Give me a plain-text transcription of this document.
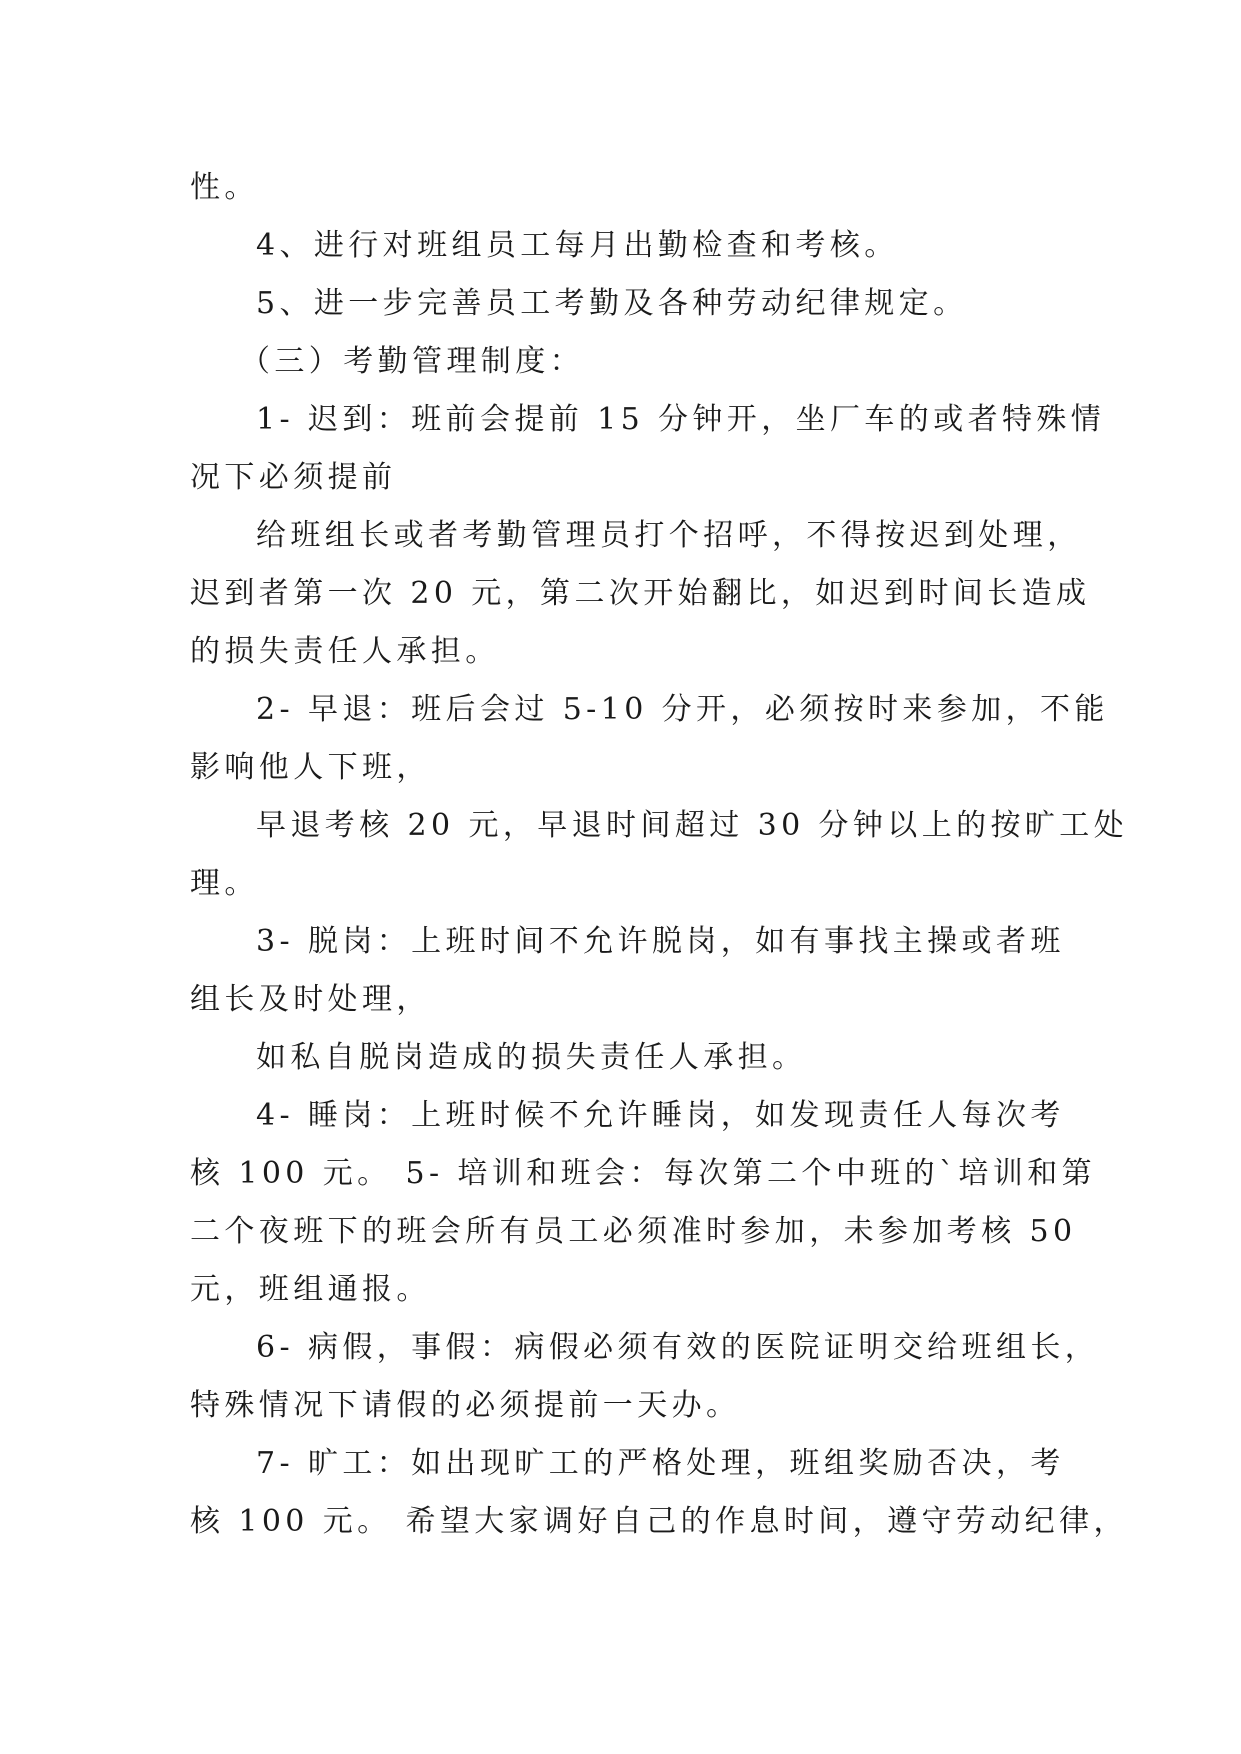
性。
4、进行对班组员工每月出勤检查和考核。
5、进一步完善员工考勤及各种劳动纪律规定。
（三）考勤管理制度：
1- 迟到：班前会提前 15 分钟开，坐厂车的或者特殊情
况下必须提前
给班组长或者考勤管理员打个招呼，不得按迟到处理，
迟到者第一次 20 元，第二次开始翻比，如迟到时间长造成
的损失责任人承担。
2- 早退：班后会过 5-10 分开，必须按时来参加，不能
影响他人下班，
早退考核 20 元，早退时间超过 30 分钟以上的按旷工处
理。
3- 脱岗：上班时间不允许脱岗，如有事找主操或者班
组长及时处理，
如私自脱岗造成的损失责任人承担。
4- 睡岗：上班时候不允许睡岗，如发现责任人每次考
核 100 元。 5- 培训和班会：每次第二个中班的`培训和第
二个夜班下的班会所有员工必须准时参加，未参加考核 50
元，班组通报。
6- 病假，事假：病假必须有效的医院证明交给班组长，
特殊情况下请假的必须提前一天办。
7- 旷工：如出现旷工的严格处理，班组奖励否决，考
核 100 元。 希望大家调好自己的作息时间，遵守劳动纪律，
